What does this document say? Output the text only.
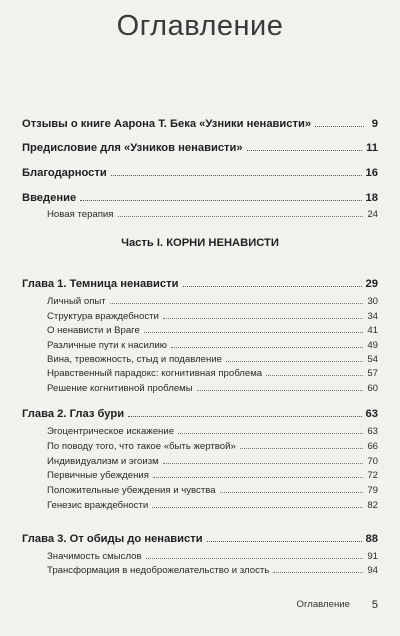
Оглавление
Отзывы о книге Аарона Т. Бека «Узники ненависти»	9
Предисловие для «Узников ненависти»	11
Благодарности	16
Введение	18
Новая терапия	24
Часть I. КОРНИ НЕНАВИСТИ
Глава 1. Темница ненависти	29
Личный опыт	30
Структура враждебности	34
О ненависти и Враге	41
Различные пути к насилию	49
Вина, тревожность, стыд и подавление	54
Нравственный парадокс: когнитивная проблема	57
Решение когнитивной проблемы	60
Глава 2. Глаз бури	63
Эгоцентрическое искажение	63
По поводу того, что такое «быть жертвой»	66
Индивидуализм и эгоизм	70
Первичные убеждения	72
Положительные убеждения и чувства	79
Генезис враждебности	82
Глава 3. От обиды до ненависти	88
Значимость смыслов	91
Трансформация в недоброжелательство и злость	94
Оглавление 5
